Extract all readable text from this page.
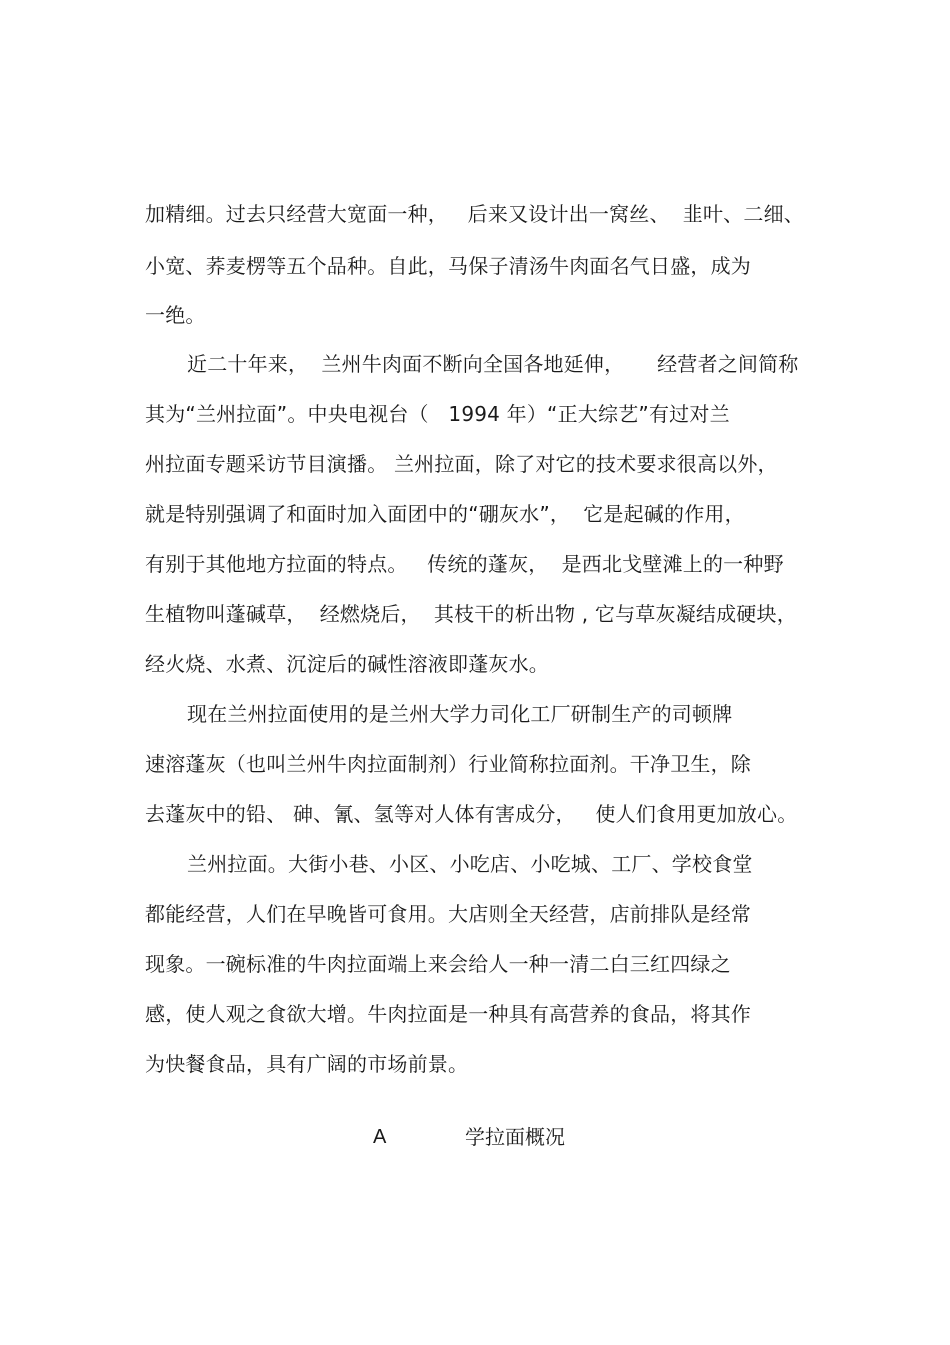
加精细。过去只经营大宽面一种，   后来又设计出一窝丝、  韭叶、二细、
小宽、荞麦楞等五个品种。自此，马保子清汤牛肉面名气日盛，成为
一绝。
近二十年来，  兰州牛肉面不断向全国各地延伸，     经营者之间简称
其为“兰州拉面”。中央电视台（   1994 年）“正大综艺”有过对兰
州拉面专题采访节目演播。 兰州拉面，除了对它的技术要求很高以外，
就是特别强调了和面时加入面团中的“硼灰水”，  它是起碱的作用，
有别于其他地方拉面的特点。   传统的蓬灰，  是西北戈壁滩上的一种野
生植物叫蓬碱草，  经燃烧后，  其枝干的析出物 , 它与草灰凝结成硬块，
经火烧、水煮、沉淀后的碱性溶液即蓬灰水。
现在兰州拉面使用的是兰州大学力司化工厂研制生产的司顿牌
速溶蓬灰（也叫兰州牛肉拉面制剂）行业简称拉面剂。干净卫生，除
去蓬灰中的铅、 砷、氰、氢等对人体有害成分，   使人们食用更加放心。
兰州拉面。大街小巷、小区、小吃店、小吃城、工厂、学校食堂
都能经营，人们在早晚皆可食用。大店则全天经营，店前排队是经常
现象。一碗标准的牛肉拉面端上来会给人一种一清二白三红四绿之
感，使人观之食欲大增。牛肉拉面是一种具有高营养的食品，将其作
为快餐食品，具有广阔的市场前景。
A	学拉面概况
